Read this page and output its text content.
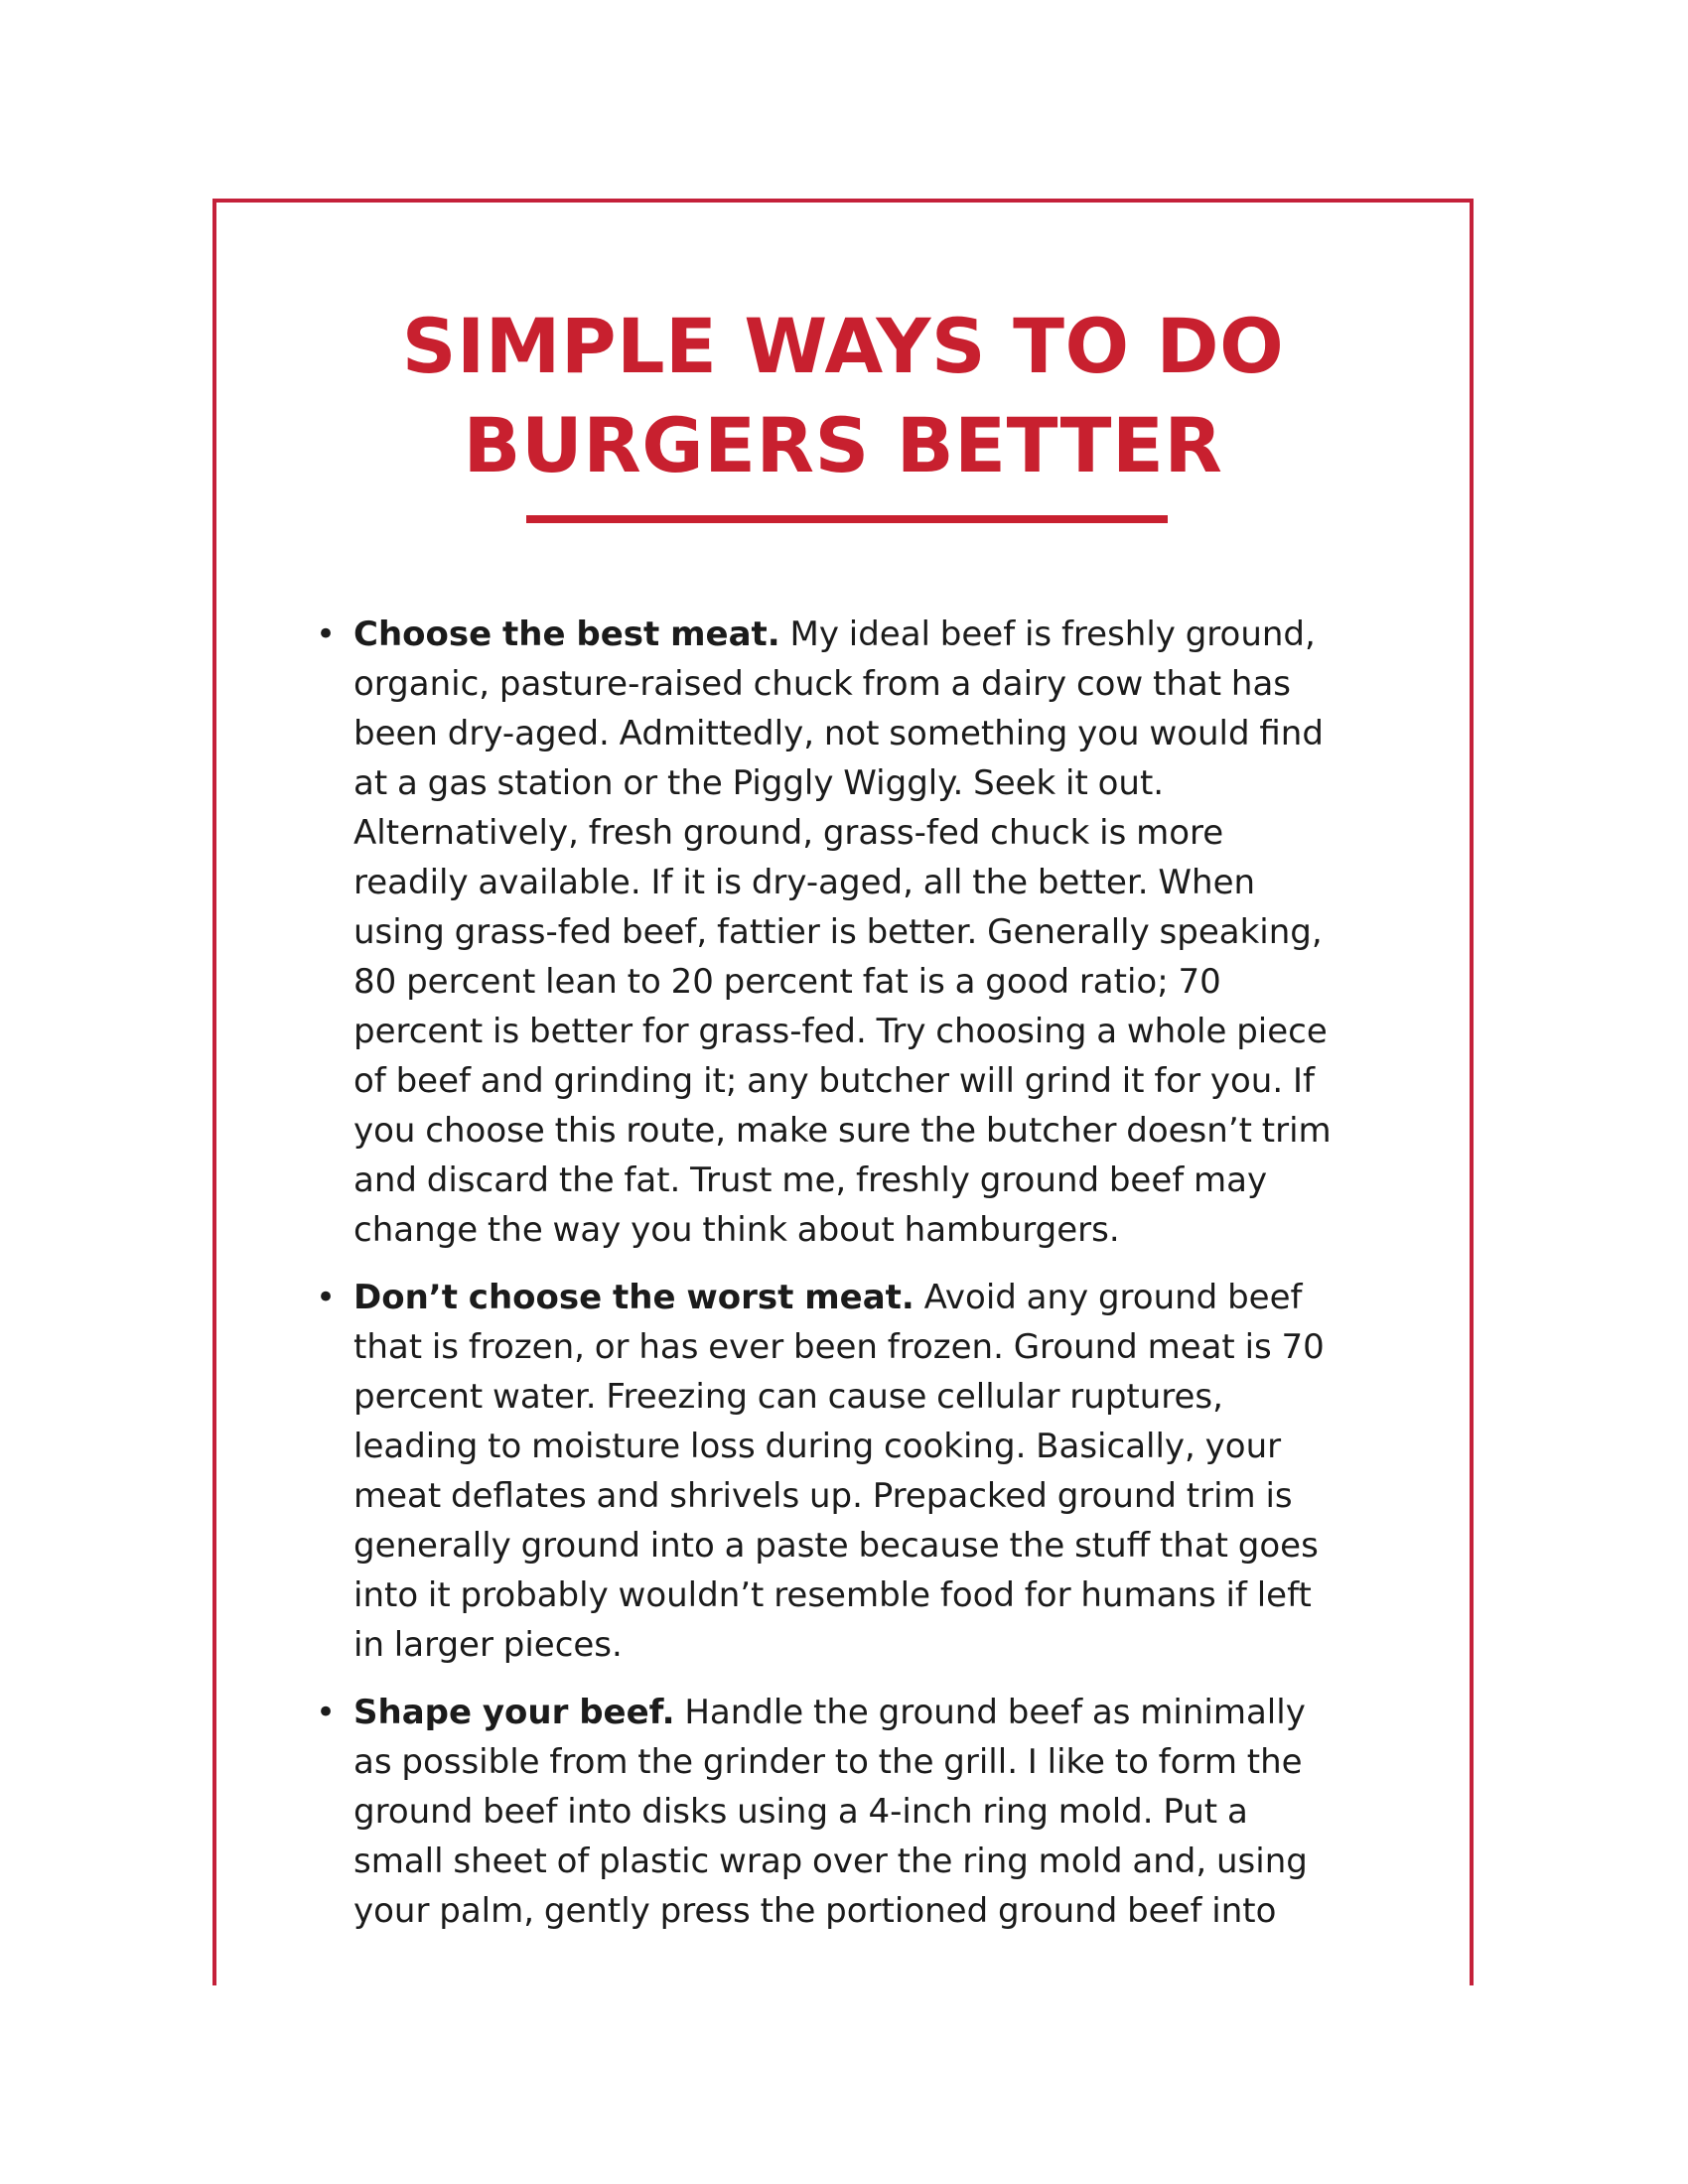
SIMPLE WAYS TO DO
BURGERS BETTER
• Choose the best meat. My ideal beef is freshly ground, organic, pasture-raised chuck from a dairy cow that has been dry-aged. Admittedly, not something you would find at a gas station or the Piggly Wiggly. Seek it out. Alternatively, fresh ground, grass-fed chuck is more readily available. If it is dry-aged, all the better. When using grass-fed beef, fattier is better. Generally speaking, 80 percent lean to 20 percent fat is a good ratio; 70 percent is better for grass-fed. Try choosing a whole piece of beef and grinding it; any butcher will grind it for you. If you choose this route, make sure the butcher doesn’t trim and discard the fat. Trust me, freshly ground beef may change the way you think about hamburgers.
• Don’t choose the worst meat. Avoid any ground beef that is frozen, or has ever been frozen. Ground meat is 70 percent water. Freezing can cause cellular ruptures, leading to moisture loss during cooking. Basically, your meat deflates and shrivels up. Prepacked ground trim is generally ground into a paste because the stuff that goes into it probably wouldn’t resemble food for humans if left in larger pieces.
• Shape your beef. Handle the ground beef as minimally as possible from the grinder to the grill. I like to form the ground beef into disks using a 4-inch ring mold. Put a small sheet of plastic wrap over the ring mold and, using your palm, gently press the portioned ground beef into
